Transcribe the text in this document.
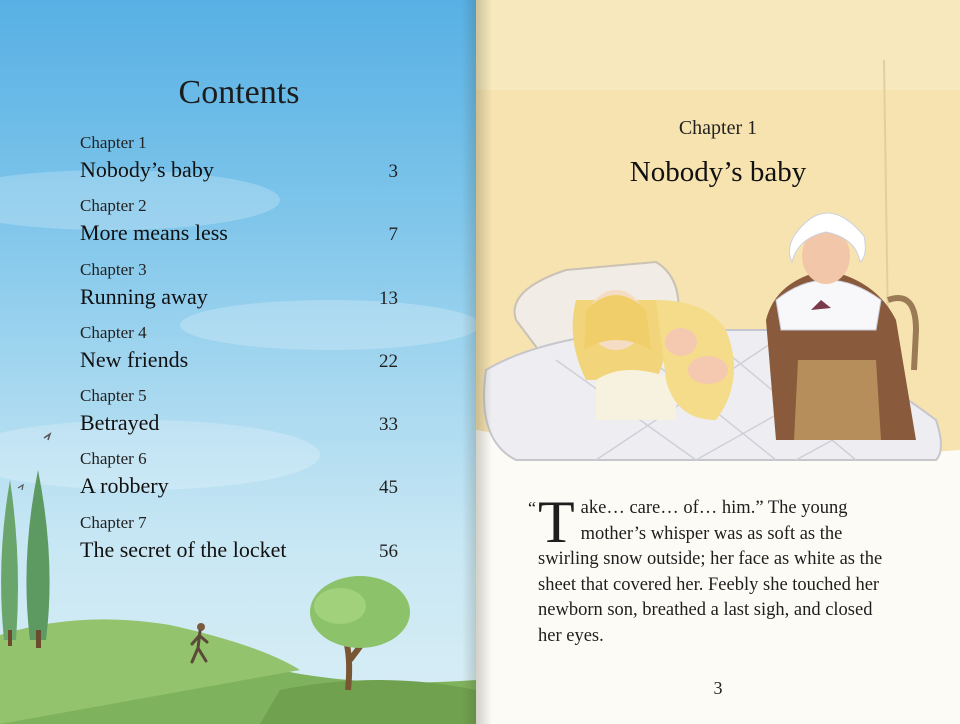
Contents
Chapter 1
Nobody’s baby	3
Chapter 2
More means less	7
Chapter 3
Running away	13
Chapter 4
New friends	22
Chapter 5
Betrayed	33
Chapter 6
A robbery	45
Chapter 7
The secret of the locket	56
Chapter 1
Nobody’s baby
“ T ake… care… of… him.” The young mother’s whisper was as soft as the swirling snow outside; her face as white as the sheet that covered her. Feebly she touched her newborn son, breathed a last sigh, and closed her eyes.
3
